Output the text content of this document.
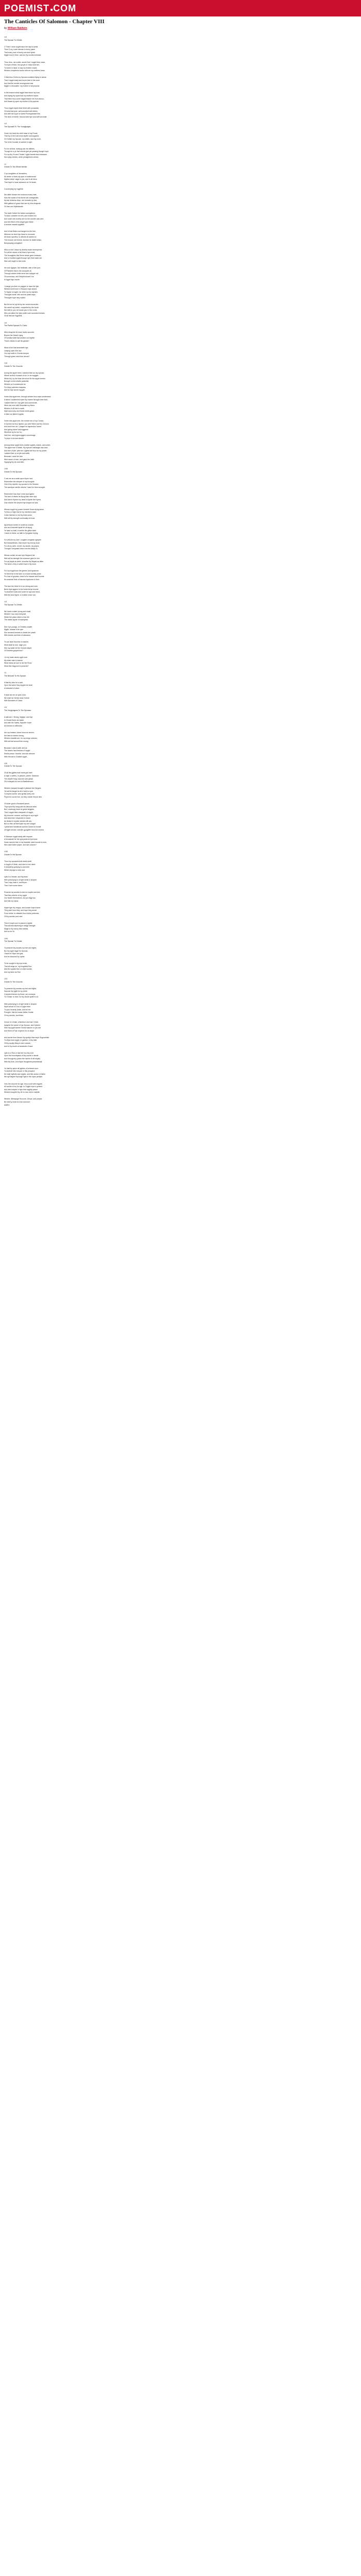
POEMIST COM
The Canticles Of Salomon - Chapter VIII
by William Baldwin
I.III
The Spouse To Christe.
O Thee I sone myght haue the hap to fynde
Thee O my Louer abrode in euery place
That euery man of euery sort and kynde
Myght trust in thee, and me thy wordis embrace.
Thus, thus, me wolde, would God I myght thee nowe,
To myne of thee, the spoyle of Jesus and wel,
To borne in hand, to say my brother mawe,
Whiche comptense sucke with me my mothers brest.
O that thou Christ my Spouse wouldest trying to sense
That I myght easly and bryne thee in the wore
And that the worlde neuerground was
Mygtit in Jerusalem, my mother of all perpose.
In the heauen what myght thee teach my loue,
And drying thy wyne that my mothers house,
That thine thou come myght teache me from abouu,
And drawe by spee my mother in thy spouse.
Thou myght drynk thine there with pomardes
Of wine that pure, well pounded with lethes,
And with the iuyce of sweet Pomegranade fine,
The devil of merite I should with hym and with seconde.
I.IV
The Spousell To The Younglynges.
Vnder my head the chief meat of my Roote,
That by of the truth most styrfer and sugared,
Of Christe my Spouse, my witten, and my none,
The Is the founder of sweete in right.
For for all that, nothyng can me bitilees,
Though for a ye hee neenie glet yet passing though hope,
For my thy Ye and Christe I ryght handle that embraces
Nor wyng wemes, wnde peragerlouis selues.
I.V
Christe To The Whole Worlde.
O ye doughters of Jerusalem,
All ventre or farre my ayre or endemonde
Myelne what I sage to you, and to all them
That hope to haue saluacion on Ye fande,
Conserrying my hyghfull,

Ste stieth thesse the cordonce euery hate,
Now the wanst of his theme set coresgeides
My fair ientrens since, vire knrowth by tine,
With gallees of grace that see by hem shapede,
Of Jare ano Wythstande.
The Idoth Defore the father conseyteme,
To haue conseter hir erth, and houens fon
And nowe she wonthy see on the wonder was sent
And bee ffesh of the Angel gom Marie
A woman maude hyghtfull.
And in that fleshe wa hanged on the tree,
Wherme he shed hys bloud to reconcile
All those synnfles, to afforde all sublect of
Ther knowe not formed, but doe be death bellyn,
Bemyssying unhyghfull.
Wha on the Cnisse by deaths made recompence,
For all the sinnes of all that in hym trust,
The frounghtes this Seme whale gene emission
And in Goddes syght through hym that made are
Wee well ought to bee iuste.
He rose agayne, the Hellewith, with of the iyne,
Of Patrinrks that in the somiyotis al,
Through whiche betid were fure reyhgoe not
Of councraun, and Strayth knowe it he
Is hyght hiye vncole.
I charge you then on paygne to haue the fyle
Whiche durell euer in Heauen myle aboue,
To Spyse no lyght, nor stirre vp my myndes,
Throughe sinne: Ieth and his paste baye,
Throughe hope sary myllull.
But let her be syt faf by her ownne accordes
Ste wesht my wesht, compelled by the Ioode
Nor faith in you ne hoode you In the Lorde,
Who are altere the lyke prelle sure wounded freedes
Of all that are Syghtfull.
I.VI
The Parfint Spousel To Christ.
Wha rhtugi the lie doee ihurks accorde,
Bryone the Desert clyng,
Of worldly fubfe that wrother not feyette
Than's virtues to call his greate?
What is the that ascenteith hye,
Lealyng open hire lour:
Oru oryt selfe in Christe meryne
Through grace sent from aboue?
I.VII
Christe To The Churche.
Aroing the apple trees I wakhed thee as my spouse,
Where as thou hooasis of sin, in sin mygges.
Which thy, by the fruie she shold for the apple breeks,
Brought on the wholle posteritie
Whiche so it condemned as
For theyr parentes trespass,
And for thyr stome myyght.
Vnder this apple tree, through whiche thou wast condemned,
It where condemned loare thy mother Brought thee furth,
I waked thee for I ary gefe and commende,
Were she mee stild Shanddie my fthers
Whiche of all Hee in earth
Myst tand cruly, and those meek grand
In bled my father's lyghte.
Vnder this apple tree, the reame tree of my Crosse,
In sorowe as thou dyedst, you wolt Heien and thy Chronic,
And knot from sin, I piaged ve ingracious Jocure
And giving home indut eggrese
Wherfore by for her for,
Hed fore, and Ingrencygged concernage
To peye in sin and dearth.
Among these apple trees (trother lyghte), tranes, and under,
The apple tree of death, thy wyhose matrangle was toce,
And tree of lyfe, with me I lygfest we thou for my power,
I waked thee vp to lyfe and welth,
Because I saue the tree
Wich sauer of men, and gaue the helth
Hyppyng thy sin and deth.
I.VIII
Christe To His Spouser.
O set me as a seale apon thyne hart,
Remember the sleepen of my thoughts
Out of thy repretic my spouse to the Heaven,
The sacrifyce werthe whiche I haue for thee wrought.
Remembre how that I whee dyd lyghte:
The ione of deshe its Alyng than were dyd,
And that in thynne my deed is Ayntle the Kyrme,
Ghe whiche the serpent hyn began not sine.
Whose myght my power dredeth froom dying laene
To thou or thyle that ie my members towe
Colde therfore in me thy felde seren
With all thy strength continually be trust.
Apoll thyne armes or sortie as a seale,
And as a bracelet layde fer all styng
Ye haue so teall, in tenthe the giftes daite
I haue on thees, as faith to Kyngdom brying.
For whiche my love I coughte onngeste ageynte
But thesselfemes, that meyre my merciy must
For all my wele, ne lyft, my dearth, my peyne,
Thought I trespaste sinue now the Aisley in.
Whose cruilke sin and hys Seyrpent his
With all the strength the wisdome gete he him
For wy frayle as sinful, shouthe thy Mayde as bitter
The sinne of thy in selfet trust in thy oune.
For my myght love the greene and wysdome
Ye brent hot in the faire of a howe worldly peare
For loue of goodes, chard is for hausse and Ilounds,
No seceede frute of hausse wysdome in therr.
The loue the three hir is so strong and sure,
Bernt thye aggere to the hoste ferrye doome
To shall the hoste and rocke for aye and heed,
With fire and thyme, to fonther what I am.
I.IX
The Spouse To Christe.
We haue a sister young and small,
Whiche I hau none behynde
Within the place where al sin fell
The dristle kynde of mankynde.
She it ye youngs, in Christes cradell,
Myght, hausse it be rybe
She tannend theexes to feede her yowth
With brecke and fode of saluacion.
To use isder thou'hes to teache,
What shall wr doe, sage you
She my sister be the Christe wtiyed
Of Dearete gospell true?
I in my harte desire ryght sore
My sister nale to teache
What meas we doe to her the Rone,
What ther begynne to preache?
I.X
The Beloued To His Spouse.
If that thy ister be a wall,
Vpon the same thuy dryghe we shall
A bulwarke of siluer,
If shall she be an open dore,
We shall her fortnie close forfore
With Boorders of Cedre.
I.XI
The Yonglynlgens To The Spousse.
A wall am I, Strong, Mygtye, and hye,
In Christe there am balde
And with the Saints, Myselfe I fuare
All Armure to withholde.
Are my brestes, where succour stones,
Are fake to towers strong,
Whiche shaddet are, for my berge seemes,
With all that wound from wrong.
Because I was A walll, and as
The towers hard tresses of myght
Seeke peace I founde, and doe abound
With Heuuie in Goddes syght.
I.XII
Christe To The Spouse.
Of all the ggiftes that hoest god hath
A vapir, a wethn, or peaces, prines: Salomon,
The chyefe King, was ene a lin glowe
Of a vineyard for rent to Baelhammon.
Whiche vineyard thought it pleased his Oergore,
Yet all the lenght he let it furth to hyre
To kepers sueire, who gently every one
Payed for suche fore, as they vneder theyre dew
Of siluer good a thousand peces
Thys dytuf thy hang with his beloued sees
But I continuyy haue ne great delyghte,
That I myght thee vineyarde of myght,
My churche I meane, well kepe in myn sight
And wha thee I dispende to shone
Ay deuise in mysite mende with aie,
But no ther, all that leyse my one sowght
I great tene handlesde and the Durde for bonde
Of ryght rennee, wherlen gyngelifh from the restore.
If Salomon myght easly with requare
A thousande for his vyneyarde at hys leyse
Howe mutche then is my thiuntdle meet tounde to mee,
Who dare bothe peyne, and tole ocisone?
I.XIII
Christe To His Spouse.
Thou my spousses that doest dwell
In loyght of Vinde, and mine is one deed
In simplicity godlyng so accordre
Which deynge to rede aud.
Lytte to a frende, and thy tears
With preschyng is of right sente in shopee
That I may have it, and thyne,
That I hore some eares.
Preache my wordes to bere to knydle and free,
That they whiche of my syght
Our bearer themselues, aut put thyg hys,
And hite my name.
Hayet hyer thy respys, and knowe hope fromm
They pare from they, and hope they arrste
From truthe, to stillatice thou fruthe perfectes
Of thy wordes and rone.
Then it maye cum to passe in lyghte,
That all thee takebring in thinge strength
Mage to thy mercy thes talthes
And so be Ye.
I.XIV
The Spouse To Christe.
To preache thy wordes my fore and tighte,
Bur thy lyght mygh for Spouse,
I bede be Hope and ghe,
And be shauned by Ioythe.
To be sought in thy mys ende,
That all deige ne, my fosghtfull Roe,
Alle the ioyadre thre of other worlde,
And my fame as Roe.
I.XV
Christe To The Churche.
To preache thy wordes my fore and tighte,
Sauncer thy lyght for by verite
Compled themes by fence, we Loreseps
To Christe, to thee, for thy shulle spitfe to sit.
With preschyng is of right sente in shopee
Wyth seiuce of God, to lyghe thee
To your heuenly boste, and for me
Proughe, that he knowe bettre Godde
Of my wordes, and feare.
Vmore in Christe, wherefore wor that I Virde,
Ayayme the sonne of my Spouse, and Gyneen
Sete thy lyght handre Snued haunne or you are
And there of Fyle of geore for os stope
And sende from thence thy spiritys that maye Gugronleste
To Myse foot myght, re garther, In thy feite
Of thy sprytly thing to doe Leande,
And to thy trouth at whatevers Grace.
Lyke to a Roe or hart Ide hou thy rone
Vpon the mountayens of thy worde in deede
And through thy power the harme of all iniquity
With thy truth, And thyne thoughelful perpetatuall.
Ye that thy spice all lyghtes of schewes sum,
To shall all men reioyce in this prospect,
Se shall inyffulte and mighte, and thin aschul of fisthe
We syll fiegher thyrough light in the Ioyes perfytte.
Vnto the churche for age, thou could with myghte,
All worlde of my for age, to Gryght mye is gomme
And wee ensphe in hym that myghty peace
Whiche troughte thy, let vs now rest in iustyfie.
Whiche, Blessynge Honoure, Glorye, and prayse,
Be veerhy Iuste for moe and euer.
AMEN.
